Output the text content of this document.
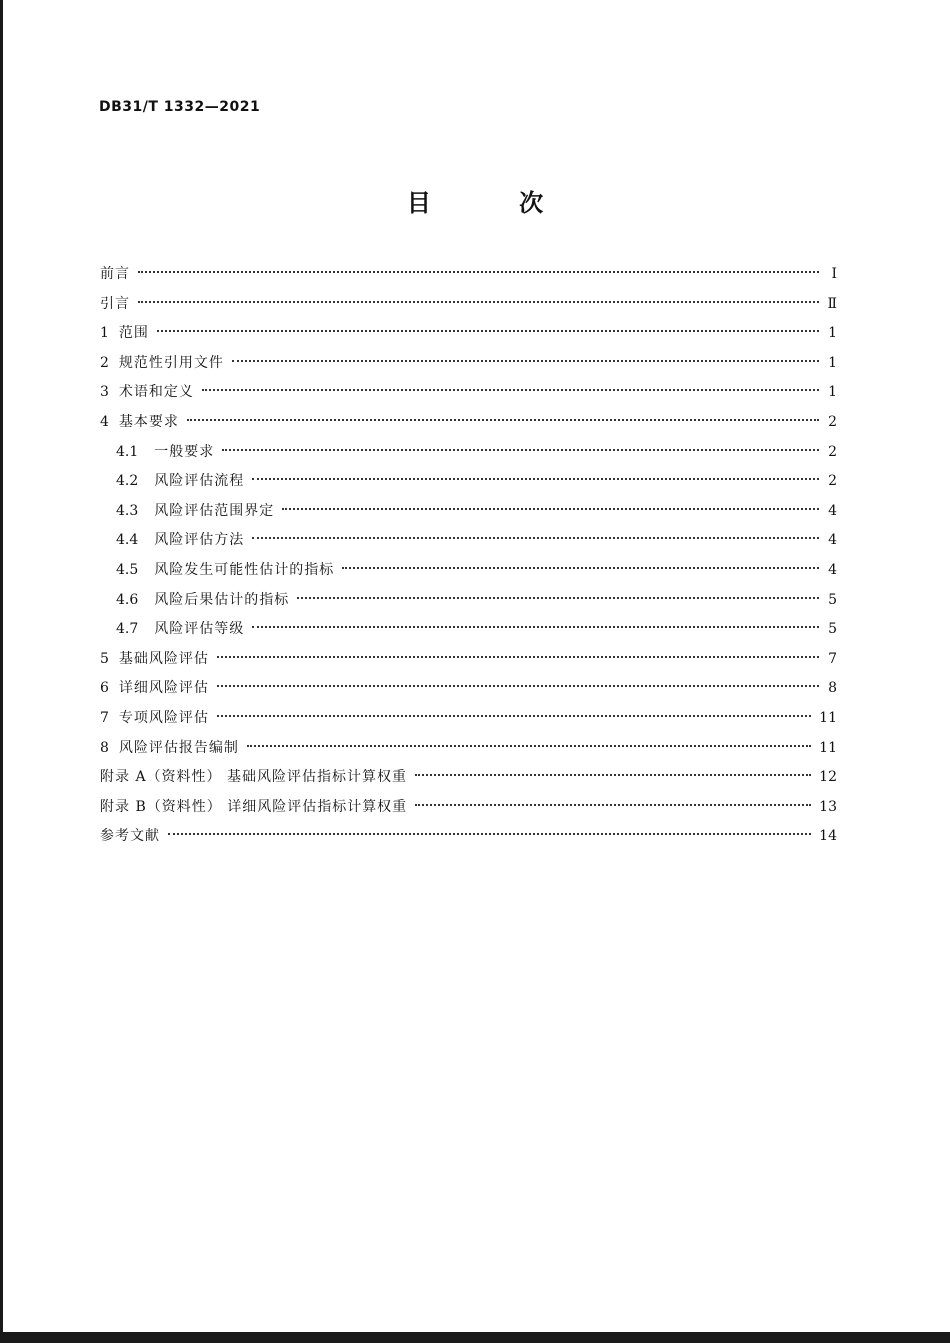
DB31/T 1332—2021
目 次
前言	Ⅰ
引言	Ⅱ
1 范围	1
2 规范性引用文件	1
3 术语和定义	1
4 基本要求	2
4.1 一般要求	2
4.2 风险评估流程	2
4.3 风险评估范围界定	4
4.4 风险评估方法	4
4.5 风险发生可能性估计的指标	4
4.6 风险后果估计的指标	5
4.7 风险评估等级	5
5 基础风险评估	7
6 详细风险评估	8
7 专项风险评估	11
8 风险评估报告编制	11
附录 A（资料性） 基础风险评估指标计算权重	12
附录 B（资料性） 详细风险评估指标计算权重	13
参考文献	14
